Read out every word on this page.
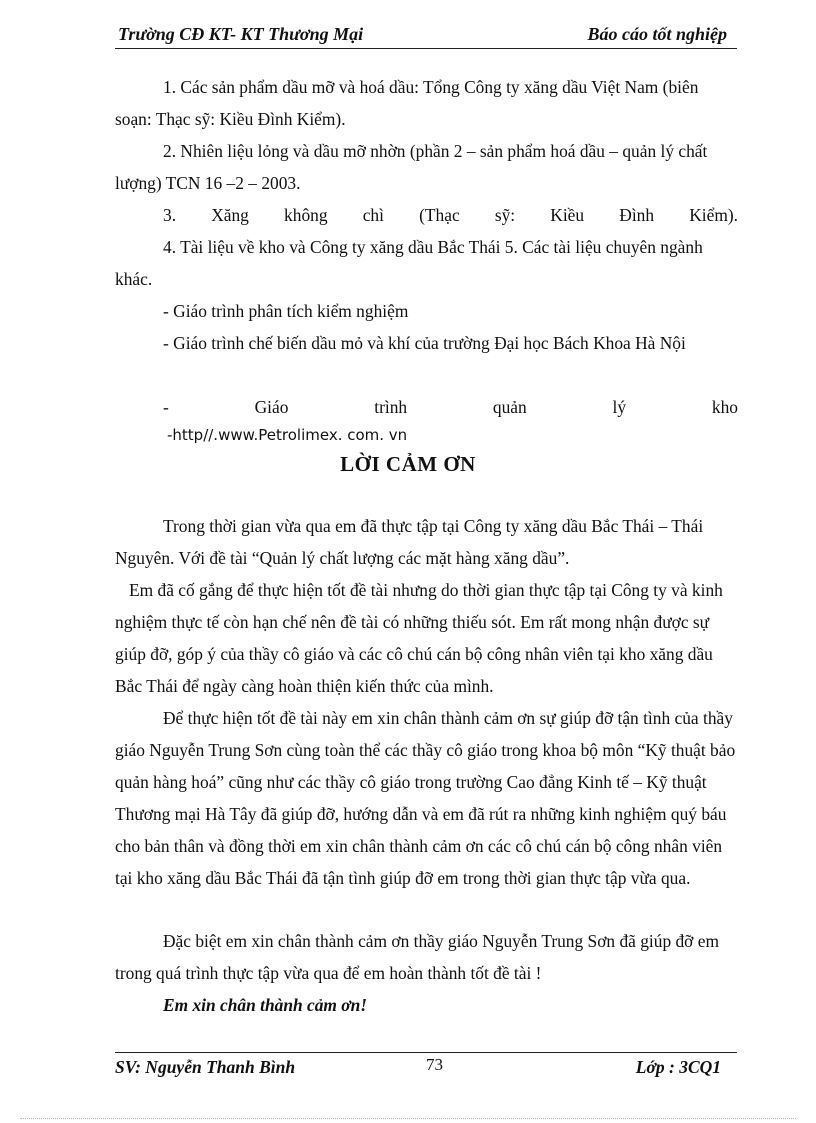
Trường CĐ KT- KT Thương Mại	Báo cáo tốt nghiệp

1. Các sản phẩm dầu mỡ và hoá dầu: Tổng Công ty xăng dầu Việt Nam (biên soạn: Thạc sỹ: Kiều Đình Kiểm).

2. Nhiên liệu lỏng và dầu mỡ nhờn (phần 2 – sản phẩm hoá dầu – quản lý chất lượng) TCN 16 –2 – 2003.

3. Xăng không chì (Thạc sỹ: Kiều Đình Kiểm).

4. Tài liệu về kho và Công ty xăng dầu Bắc Thái 5. Các tài liệu chuyên ngành khác.

- Giáo trình phân tích kiểm nghiệm

- Giáo trình chế biến dầu mỏ và khí của trường Đại học Bách Khoa Hà Nội

- Giáo trình quản lý kho

-http//.www.Petrolimex. com. vn

LỜI CẢM ƠN

Trong thời gian vừa qua em đã thực tập tại Công ty xăng dầu Bắc Thái – Thái Nguyên. Với đề tài “Quản lý chất lượng các mặt hàng xăng dầu”.

Em đã cố gắng để thực hiện tốt đề tài nhưng do thời gian thực tập tại Công ty và kinh nghiệm thực tế còn hạn chế nên đề tài có những thiếu sót. Em rất mong nhận được sự giúp đỡ, góp ý của thầy cô giáo và các cô chú cán bộ công nhân viên tại kho xăng dầu Bắc Thái để ngày càng hoàn thiện kiến thức của mình.

Để thực hiện tốt đề tài này em xin chân thành cảm ơn sự giúp đỡ tận tình của thầy giáo Nguyễn Trung Sơn cùng toàn thể các thầy cô giáo trong khoa bộ môn “Kỹ thuật bảo quản hàng hoá” cũng như các thầy cô giáo trong trường Cao đẳng Kinh tế – Kỹ thuật Thương mại Hà Tây đã giúp đỡ, hướng dẫn và em đã rút ra những kinh nghiệm quý báu cho bản thân và đồng thời em xin chân thành cảm ơn các cô chú cán bộ công nhân viên tại kho xăng dầu Bắc Thái đã tận tình giúp đỡ em trong thời gian thực tập vừa qua.

Đặc biệt em xin chân thành cảm ơn thầy giáo Nguyễn Trung Sơn đã giúp đỡ em trong quá trình thực tập vừa qua để em hoàn thành tốt đề tài !

Em xin chân thành cảm ơn!

SV: Nguyễn Thanh Bình	73	Lớp : 3CQ1
